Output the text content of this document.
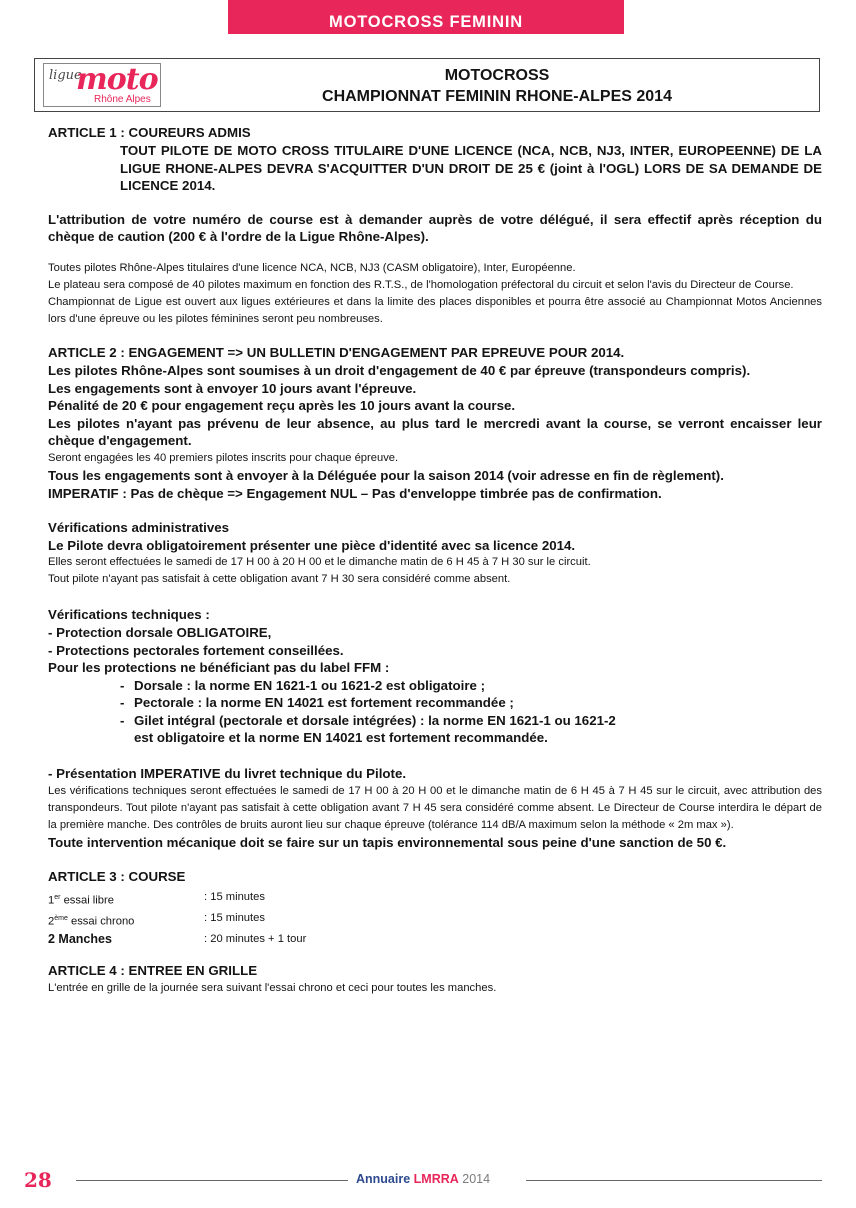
MOTOCROSS FEMININ
ligue
moto
Rhône Alpes
MOTOCROSS
CHAMPIONNAT FEMININ RHONE-ALPES 2014

ARTICLE 1 : COUREURS ADMIS

TOUT PILOTE DE MOTO CROSS TITULAIRE D'UNE LICENCE (NCA, NCB, NJ3, INTER, EUROPEENNE) DE LA LIGUE RHONE-ALPES DEVRA S'ACQUITTER D'UN DROIT DE 25 € (joint à l'OGL) LORS DE SA DEMANDE DE LICENCE 2014.

L'attribution de votre numéro de course est à demander auprès de votre délégué, il sera effectif après réception du chèque de caution (200 € à l'ordre de la Ligue Rhône-Alpes).

Toutes pilotes Rhône-Alpes titulaires d'une licence NCA, NCB, NJ3 (CASM obligatoire), Inter, Européenne.

Le plateau sera composé de 40 pilotes maximum en fonction des R.T.S., de l'homologation préfectoral du circuit et selon l'avis du Directeur de Course.

Championnat de Ligue est ouvert aux ligues extérieures et dans la limite des places disponibles et pourra être associé au Championnat Motos Anciennes lors d'une épreuve ou les pilotes féminines seront peu nombreuses.

ARTICLE 2 : ENGAGEMENT => UN BULLETIN D'ENGAGEMENT PAR EPREUVE POUR 2014.

Les pilotes Rhône-Alpes sont soumises à un droit d'engagement de 40 € par épreuve (transpondeurs compris).

Les engagements sont à envoyer 10 jours avant l'épreuve.

Pénalité de 20 € pour engagement reçu après les 10 jours avant la course.

Les pilotes n'ayant pas prévenu de leur absence, au plus tard le mercredi avant la course, se verront encaisser leur chèque d'engagement.

Seront engagées les 40 premiers pilotes inscrits pour chaque épreuve.

Tous les engagements sont à envoyer à la Déléguée pour la saison 2014 (voir adresse en fin de règlement).

IMPERATIF : Pas de chèque => Engagement NUL – Pas d'enveloppe timbrée pas de confirmation.

Vérifications administratives

Le Pilote devra obligatoirement présenter une pièce d'identité avec sa licence 2014.

Elles seront effectuées le samedi de 17 H 00 à 20 H 00 et le dimanche matin de 6 H 45 à 7 H 30 sur le circuit.

Tout pilote n'ayant pas satisfait à cette obligation avant 7 H 30 sera considéré comme absent.

Vérifications techniques :

- Protection dorsale OBLIGATOIRE,

- Protections pectorales fortement conseillées.

Pour les protections ne bénéficiant pas du label FFM :

- Dorsale : la norme EN 1621-1 ou 1621-2 est obligatoire ;
- Pectorale : la norme EN 14021 est fortement recommandée ;
- Gilet intégral (pectorale et dorsale intégrées) : la norme EN 1621-1 ou 1621-2

est obligatoire et la norme EN 14021 est fortement recommandée.

- Présentation IMPERATIVE du livret technique du Pilote.

Les vérifications techniques seront effectuées le samedi de 17 H 00 à 20 H 00 et le dimanche matin de 6 H 45 à 7 H 45 sur le circuit, avec attribution des transpondeurs. Tout pilote n'ayant pas satisfait à cette obligation avant 7 H 45 sera considéré comme absent. Le Directeur de Course interdira le départ de la première manche. Des contrôles de bruits auront lieu sur chaque épreuve (tolérance 114 dB/A maximum selon la méthode « 2m max »).

Toute intervention mécanique doit se faire sur un tapis environnemental sous peine d'une sanction de 50 €.

ARTICLE 3 : COURSE

1er essai libre	: 15 minutes
2ème essai chrono	: 15 minutes
2 Manches	: 20 minutes + 1 tour

ARTICLE 4 : ENTREE EN GRILLE

L'entrée en grille de la journée sera suivant l'essai chrono et ceci pour toutes les manches.

28	Annuaire LMRRA 2014
